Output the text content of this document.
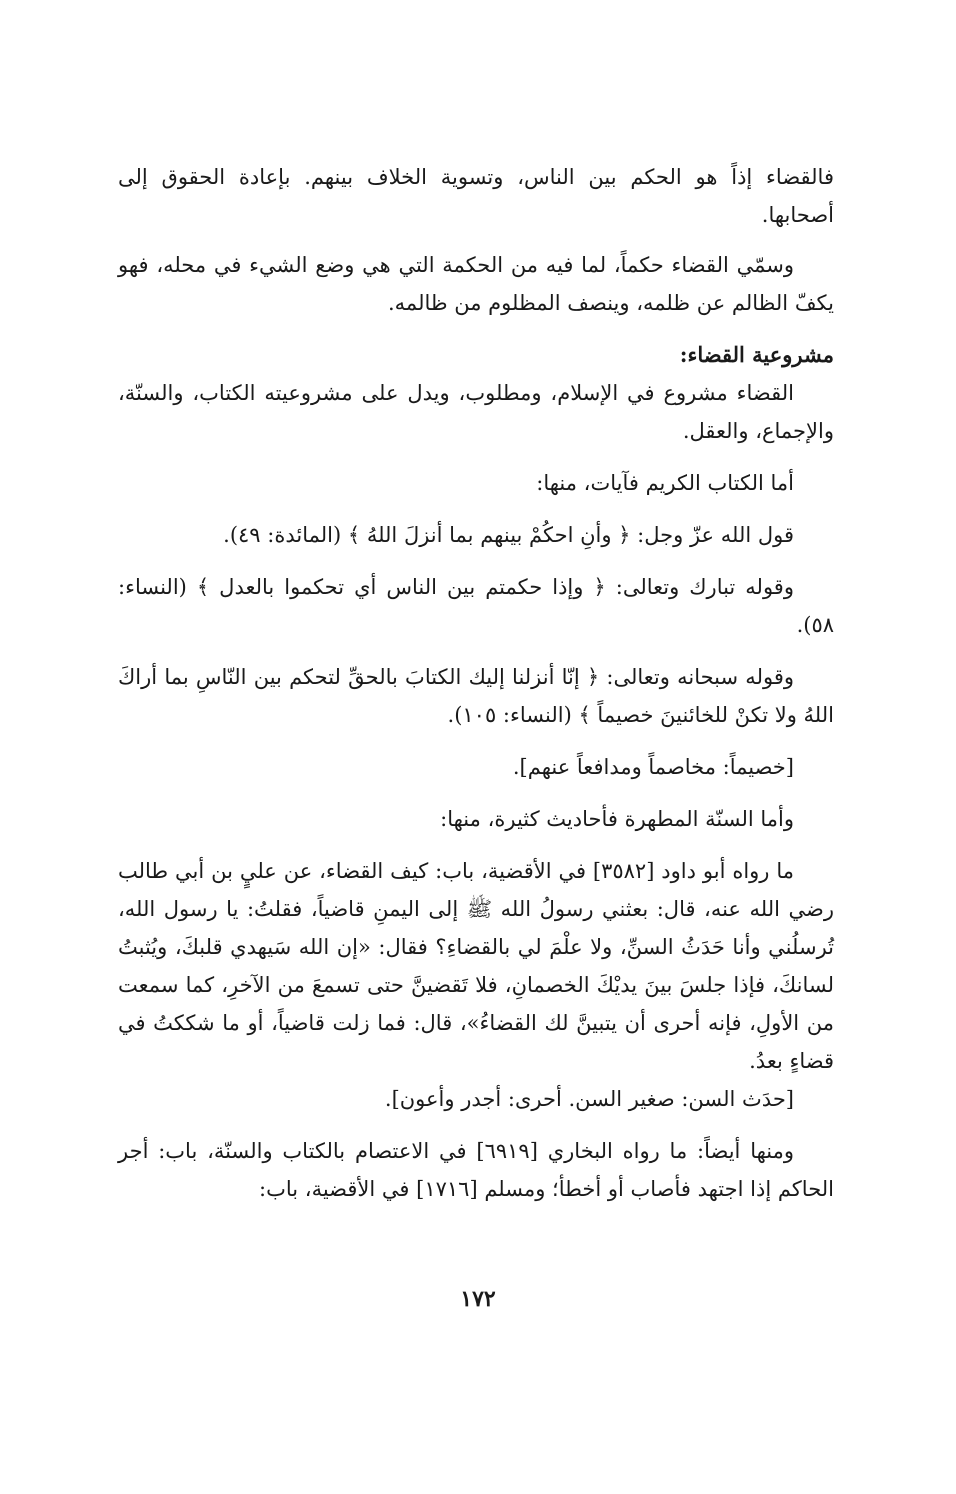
فالقضاء إذاً هو الحكم بين الناس، وتسوية الخلاف بينهم. بإعادة الحقوق إلى أصحابها.

وسمّي القضاء حكماً، لما فيه من الحكمة التي هي وضع الشيء في محله، فهو يكفّ الظالم عن ظلمه، وينصف المظلوم من ظالمه.

مشروعية القضاء:

القضاء مشروع في الإسلام، ومطلوب، ويدل على مشروعيته الكتاب، والسنّة، والإجماع، والعقل.

أما الكتاب الكريم فآيات، منها:

قول الله عزّ وجل: ﴿ وأنِ احكُمْ بينهم بما أنزلَ اللهُ ﴾ (المائدة: ٤٩).

وقوله تبارك وتعالى: ﴿ وإذا حكمتم بين الناس أي تحكموا بالعدل ﴾ (النساء: ٥٨).

وقوله سبحانه وتعالى: ﴿ إنّا أنزلنا إليك الكتابَ بالحقِّ لتحكم بين النّاسِ بما أراكَ اللهُ ولا تكنْ للخائنينَ خصيماً ﴾ (النساء: ١٠٥).

[خصيماً: مخاصماً ومدافعاً عنهم].

وأما السنّة المطهرة فأحاديث كثيرة، منها:

ما رواه أبو داود [٣٥٨٢] في الأقضية، باب: كيف القضاء، عن عليٍ بن أبي طالب رضي الله عنه، قال: بعثني رسولُ الله ﷺ إلى اليمنِ قاضياً، فقلتُ: يا رسول الله، تُرسلُني وأنا حَدَثُ السنِّ، ولا علْمَ لي بالقضاءِ؟ فقال: «إن الله سَيهدي قلبكَ، ويُثبتُ لسانكَ، فإذا جلسَ بينَ يديْكَ الخصمانِ، فلا تَقضينَّ حتى تسمعَ من الآخرِ، كما سمعت من الأولِ، فإنه أحرى أن يتبينَّ لك القضاءُ»، قال: فما زلت قاضياً، أو ما شككتُ في قضاءٍ بعدُ.

[حدَث السن: صغير السن. أحرى: أجدر وأعون].

ومنها أيضاً: ما رواه البخاري [٦٩١٩] في الاعتصام بالكتاب والسنّة، باب: أجر الحاكم إذا اجتهد فأصاب أو أخطأ؛ ومسلم [١٧١٦] في الأقضية، باب:

١٧٢
